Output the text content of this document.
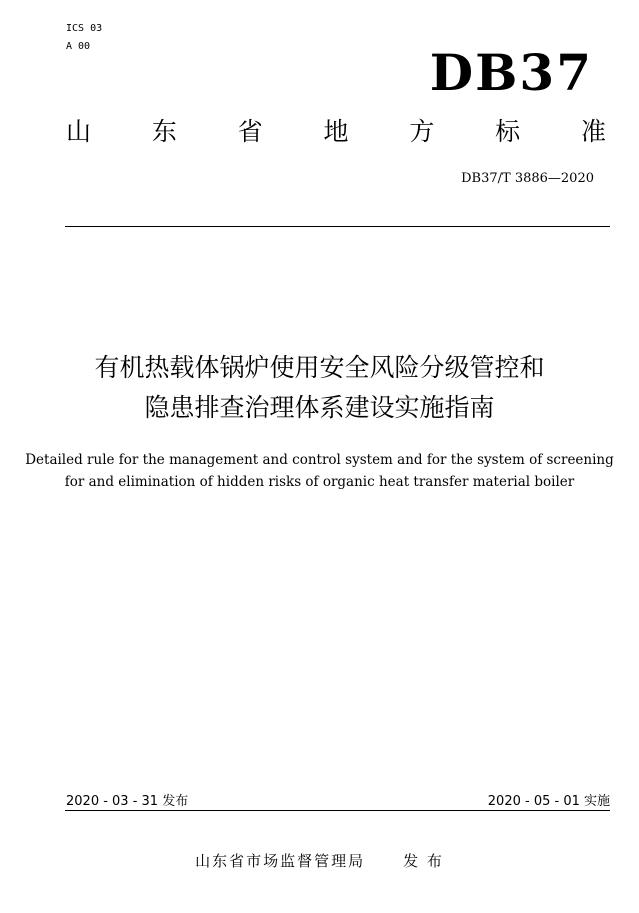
ICS 03
A 00	DB37
山 东 省 地 方 标 准
DB37/T 3886—2020
有机热载体锅炉使用安全风险分级管控和
隐患排查治理体系建设实施指南
Detailed rule for the management and control system and for the system of screening
for and elimination of hidden risks of organic heat transfer material boiler
2020 - 03 - 31 发布	2020 - 05 - 01 实施
山东省市场监督管理局	发 布
